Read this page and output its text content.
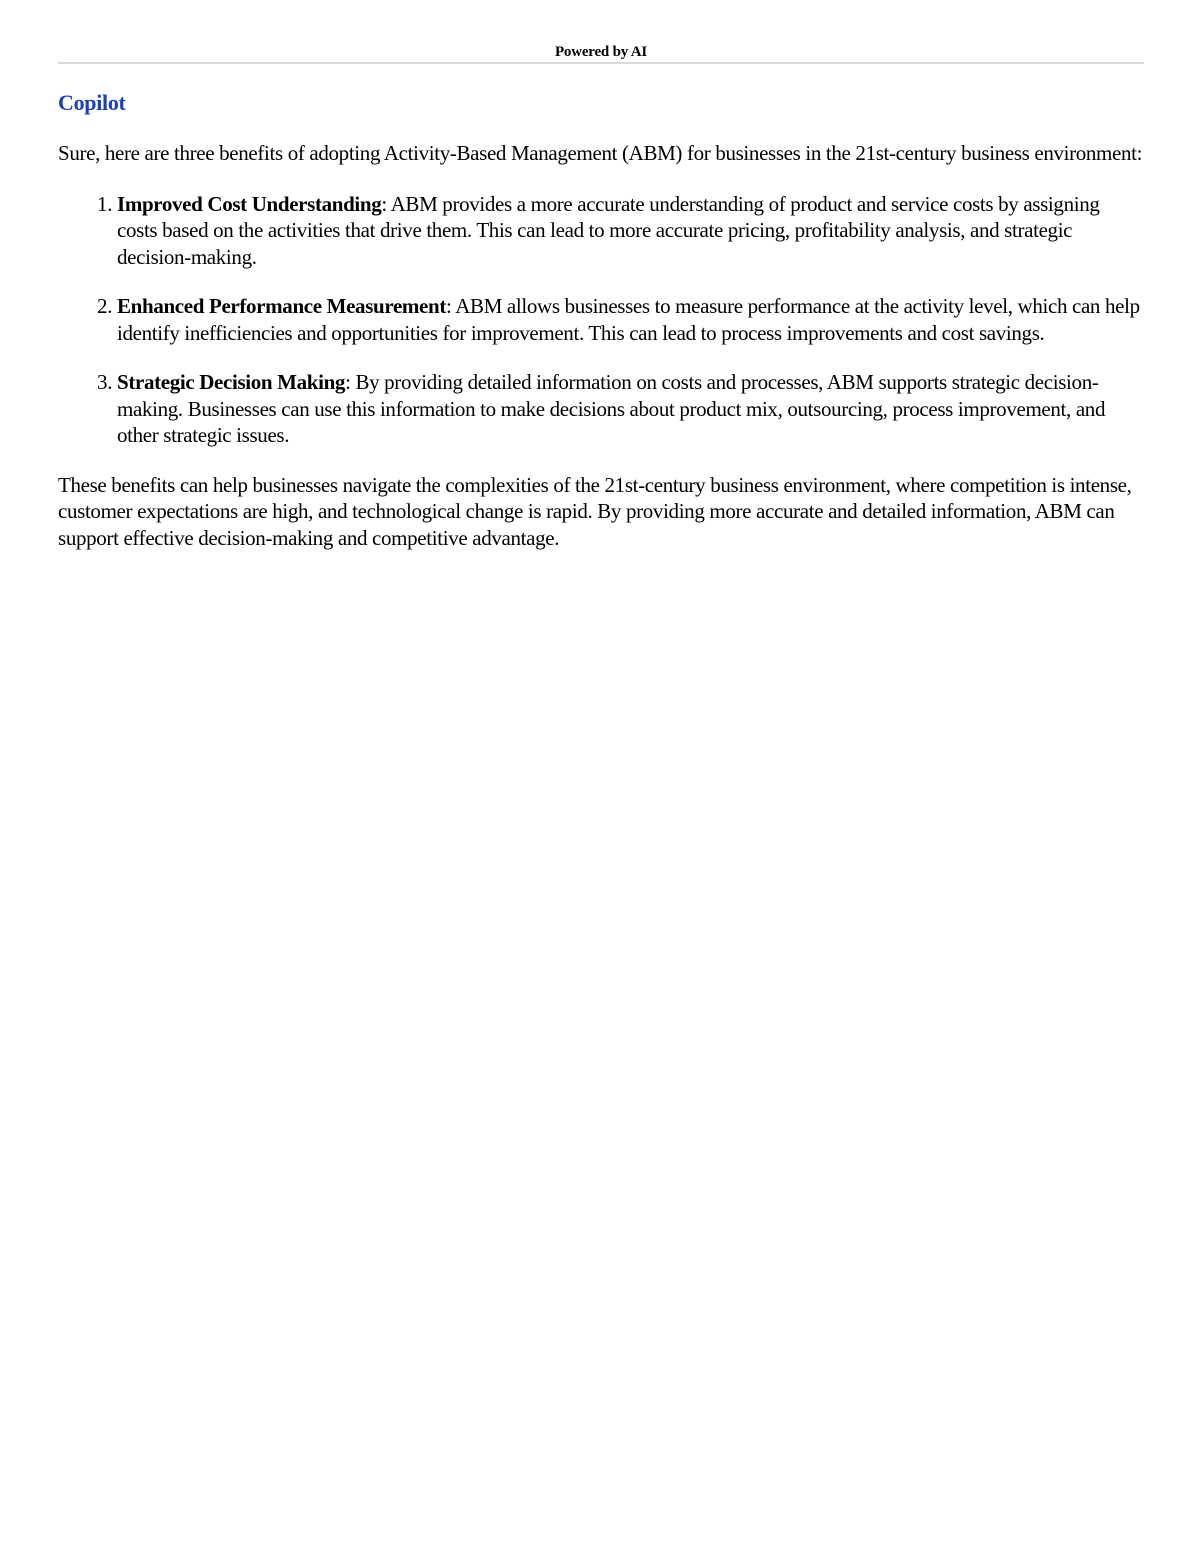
Powered by AI
Copilot

Sure, here are three benefits of adopting Activity-Based Management (ABM) for businesses in the 21st-century business environment:

1. Improved Cost Understanding: ABM provides a more accurate understanding of product and service costs by assigning costs based on the activities that drive them. This can lead to more accurate pricing, profitability analysis, and strategic decision-making.
2. Enhanced Performance Measurement: ABM allows businesses to measure performance at the activity level, which can help identify inefficiencies and opportunities for improvement. This can lead to process improvements and cost savings.
3. Strategic Decision Making: By providing detailed information on costs and processes, ABM supports strategic decision-making. Businesses can use this information to make decisions about product mix, outsourcing, process improvement, and other strategic issues.

These benefits can help businesses navigate the complexities of the 21st-century business environment, where competition is intense, customer expectations are high, and technological change is rapid. By providing more accurate and detailed information, ABM can support effective decision-making and competitive advantage.
